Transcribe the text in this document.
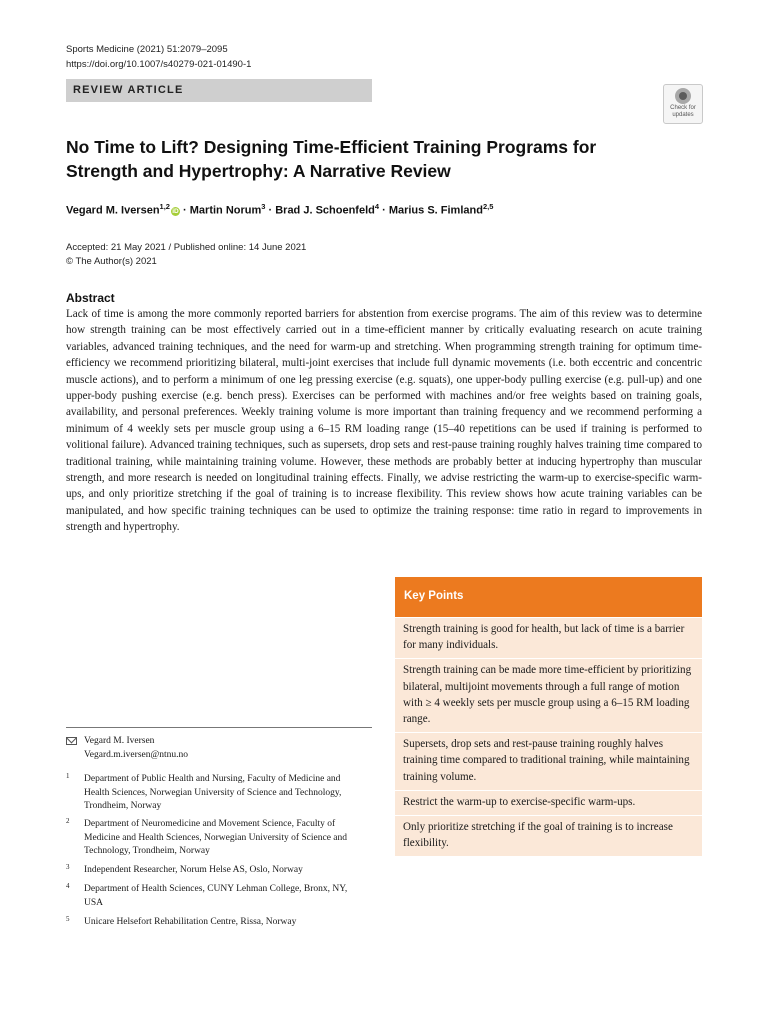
Sports Medicine (2021) 51:2079–2095
https://doi.org/10.1007/s40279-021-01490-1
REVIEW ARTICLE
Check for
updates
No Time to Lift? Designing Time-Efficient Training Programs for Strength and Hypertrophy: A Narrative Review
Vegard M. Iversen$^{1,2}$iD · Martin Norum$^3$ · Brad J. Schoenfeld$^4$ · Marius S. Fimland$^{2,5}$
Accepted: 21 May 2021 / Published online: 14 June 2021
© The Author(s) 2021
Abstract
Lack of time is among the more commonly reported barriers for abstention from exercise programs. The aim of this review was to determine how strength training can be most effectively carried out in a time-efficient manner by critically evaluating research on acute training variables, advanced training techniques, and the need for warm-up and stretching. When programming strength training for optimum time-efficiency we recommend prioritizing bilateral, multi-joint exercises that include full dynamic movements (i.e. both eccentric and concentric muscle actions), and to perform a minimum of one leg pressing exercise (e.g. squats), one upper-body pulling exercise (e.g. pull-up) and one upper-body pushing exercise (e.g. bench press). Exercises can be performed with machines and/or free weights based on training goals, availability, and personal preferences. Weekly training volume is more important than training frequency and we recommend performing a minimum of 4 weekly sets per muscle group using a 6–15 RM loading range (15–40 repetitions can be used if training is performed to volitional failure). Advanced training techniques, such as supersets, drop sets and rest-pause training roughly halves training time compared to traditional training, while maintaining training volume. However, these methods are probably better at inducing hypertrophy than muscular strength, and more research is needed on longitudinal training effects. Finally, we advise restricting the warm-up to exercise-specific warm-ups, and only prioritize stretching if the goal of training is to increase flexibility. This review shows how acute training variables can be manipulated, and how specific training techniques can be used to optimize the training response: time ratio in regard to improvements in strength and hypertrophy.
Key Points
Strength training is good for health, but lack of time is a barrier for many individuals.
Strength training can be made more time-efficient by prioritizing bilateral, multijoint movements through a full range of motion with ≥ 4 weekly sets per muscle group using a 6–15 RM loading range.
Supersets, drop sets and rest-pause training roughly halves training time compared to traditional training, while maintaining training volume.
Restrict the warm-up to exercise-specific warm-ups.
Only prioritize stretching if the goal of training is to increase flexibility.
Vegard M. Iversen
Vegard.m.iversen@ntnu.no
1 Department of Public Health and Nursing, Faculty of Medicine and Health Sciences, Norwegian University of Science and Technology, Trondheim, Norway
2 Department of Neuromedicine and Movement Science, Faculty of Medicine and Health Sciences, Norwegian University of Science and Technology, Trondheim, Norway
3 Independent Researcher, Norum Helse AS, Oslo, Norway
4 Department of Health Sciences, CUNY Lehman College, Bronx, NY, USA
5 Unicare Helsefort Rehabilitation Centre, Rissa, Norway
